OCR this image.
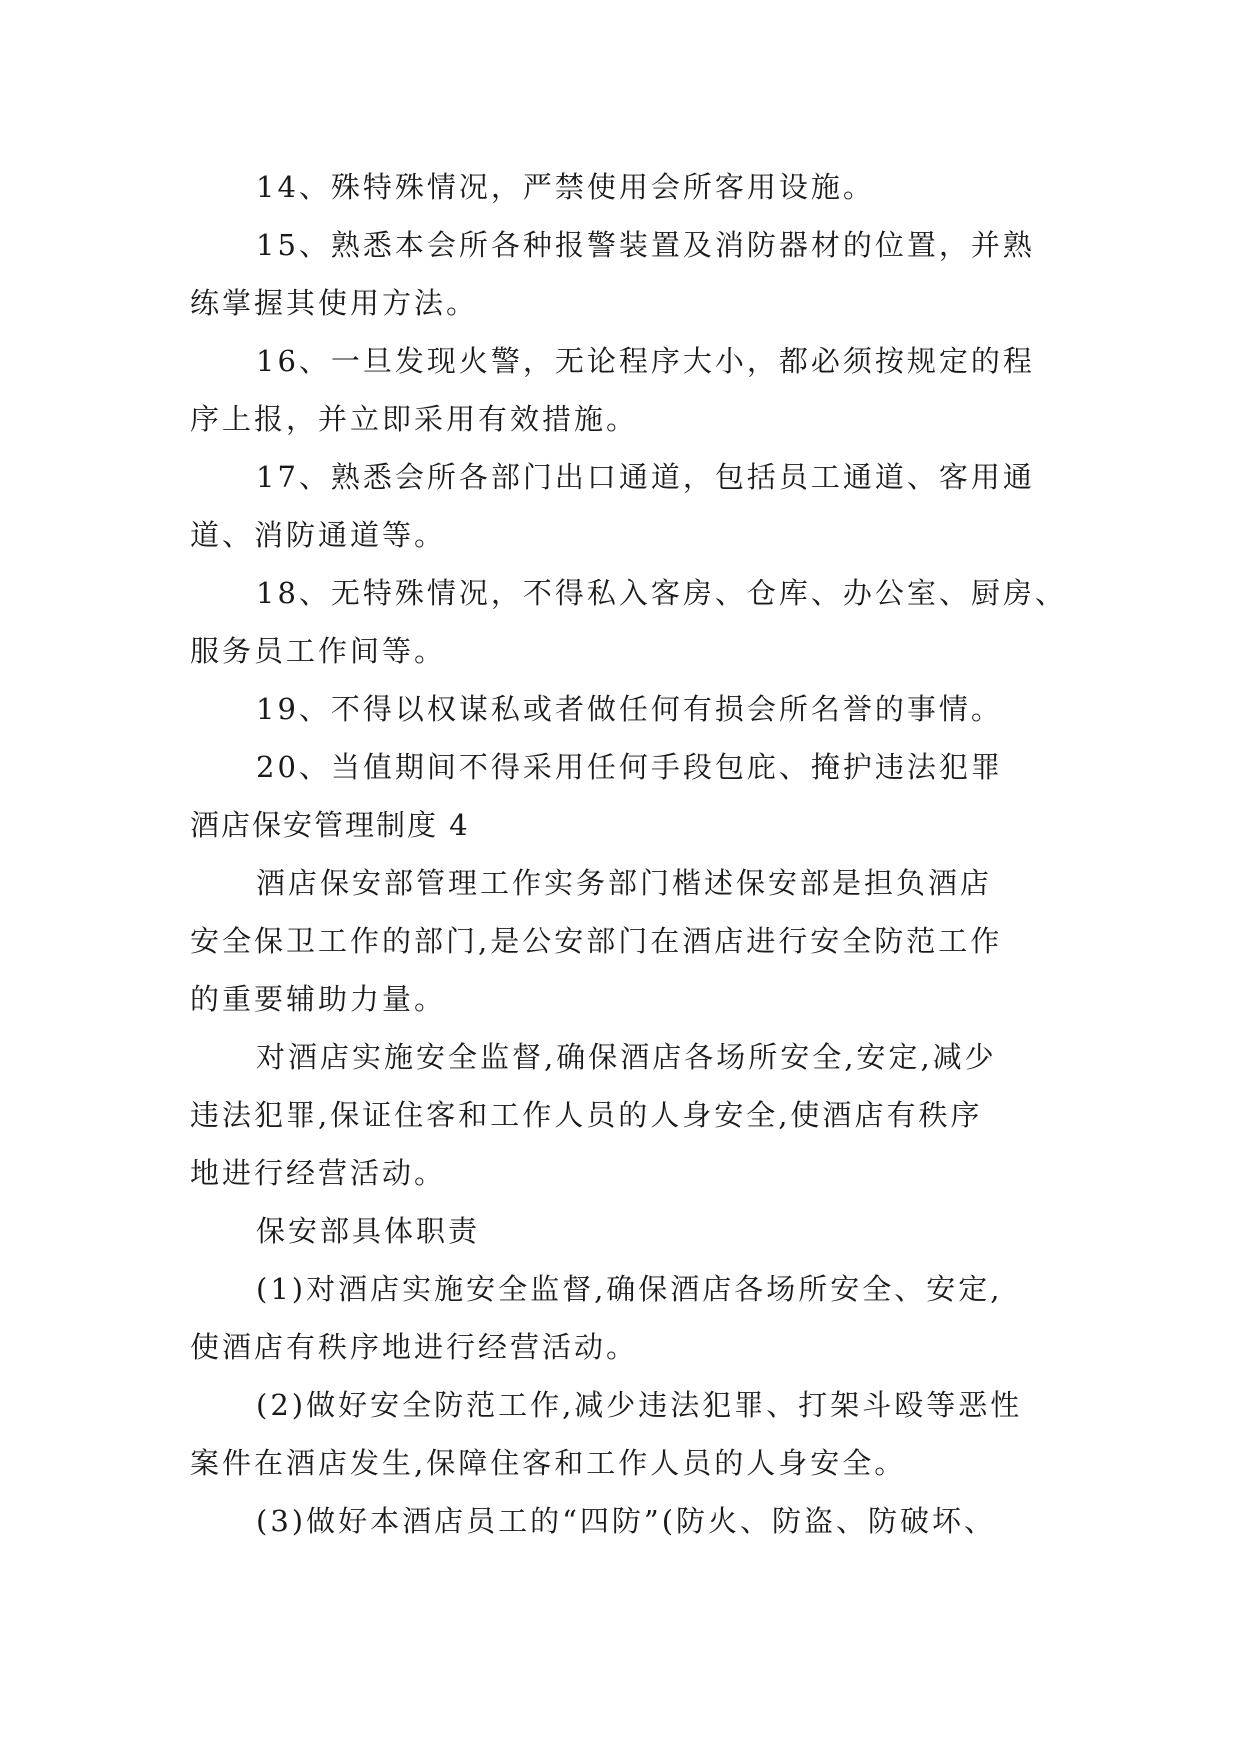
14、殊特殊情况，严禁使用会所客用设施。
15、熟悉本会所各种报警装置及消防器材的位置，并熟
练掌握其使用方法。
16、一旦发现火警，无论程序大小，都必须按规定的程
序上报，并立即采用有效措施。
17、熟悉会所各部门出口通道，包括员工通道、客用通
道、消防通道等。
18、无特殊情况，不得私入客房、仓库、办公室、厨房、
服务员工作间等。
19、不得以权谋私或者做任何有损会所名誉的事情。
20、当值期间不得采用任何手段包庇、掩护违法犯罪
酒店保安管理制度 4
酒店保安部管理工作实务部门楷述保安部是担负酒店
安全保卫工作的部门,是公安部门在酒店进行安全防范工作
的重要辅助力量。
对酒店实施安全监督,确保酒店各场所安全,安定,减少
违法犯罪,保证住客和工作人员的人身安全,使酒店有秩序
地进行经营活动。
保安部具体职责
(1)对酒店实施安全监督,确保酒店各场所安全、安定,
使酒店有秩序地进行经营活动。
(2)做好安全防范工作,减少违法犯罪、打架斗殴等恶性
案件在酒店发生,保障住客和工作人员的人身安全。
(3)做好本酒店员工的“四防”(防火、防盗、防破坏、
